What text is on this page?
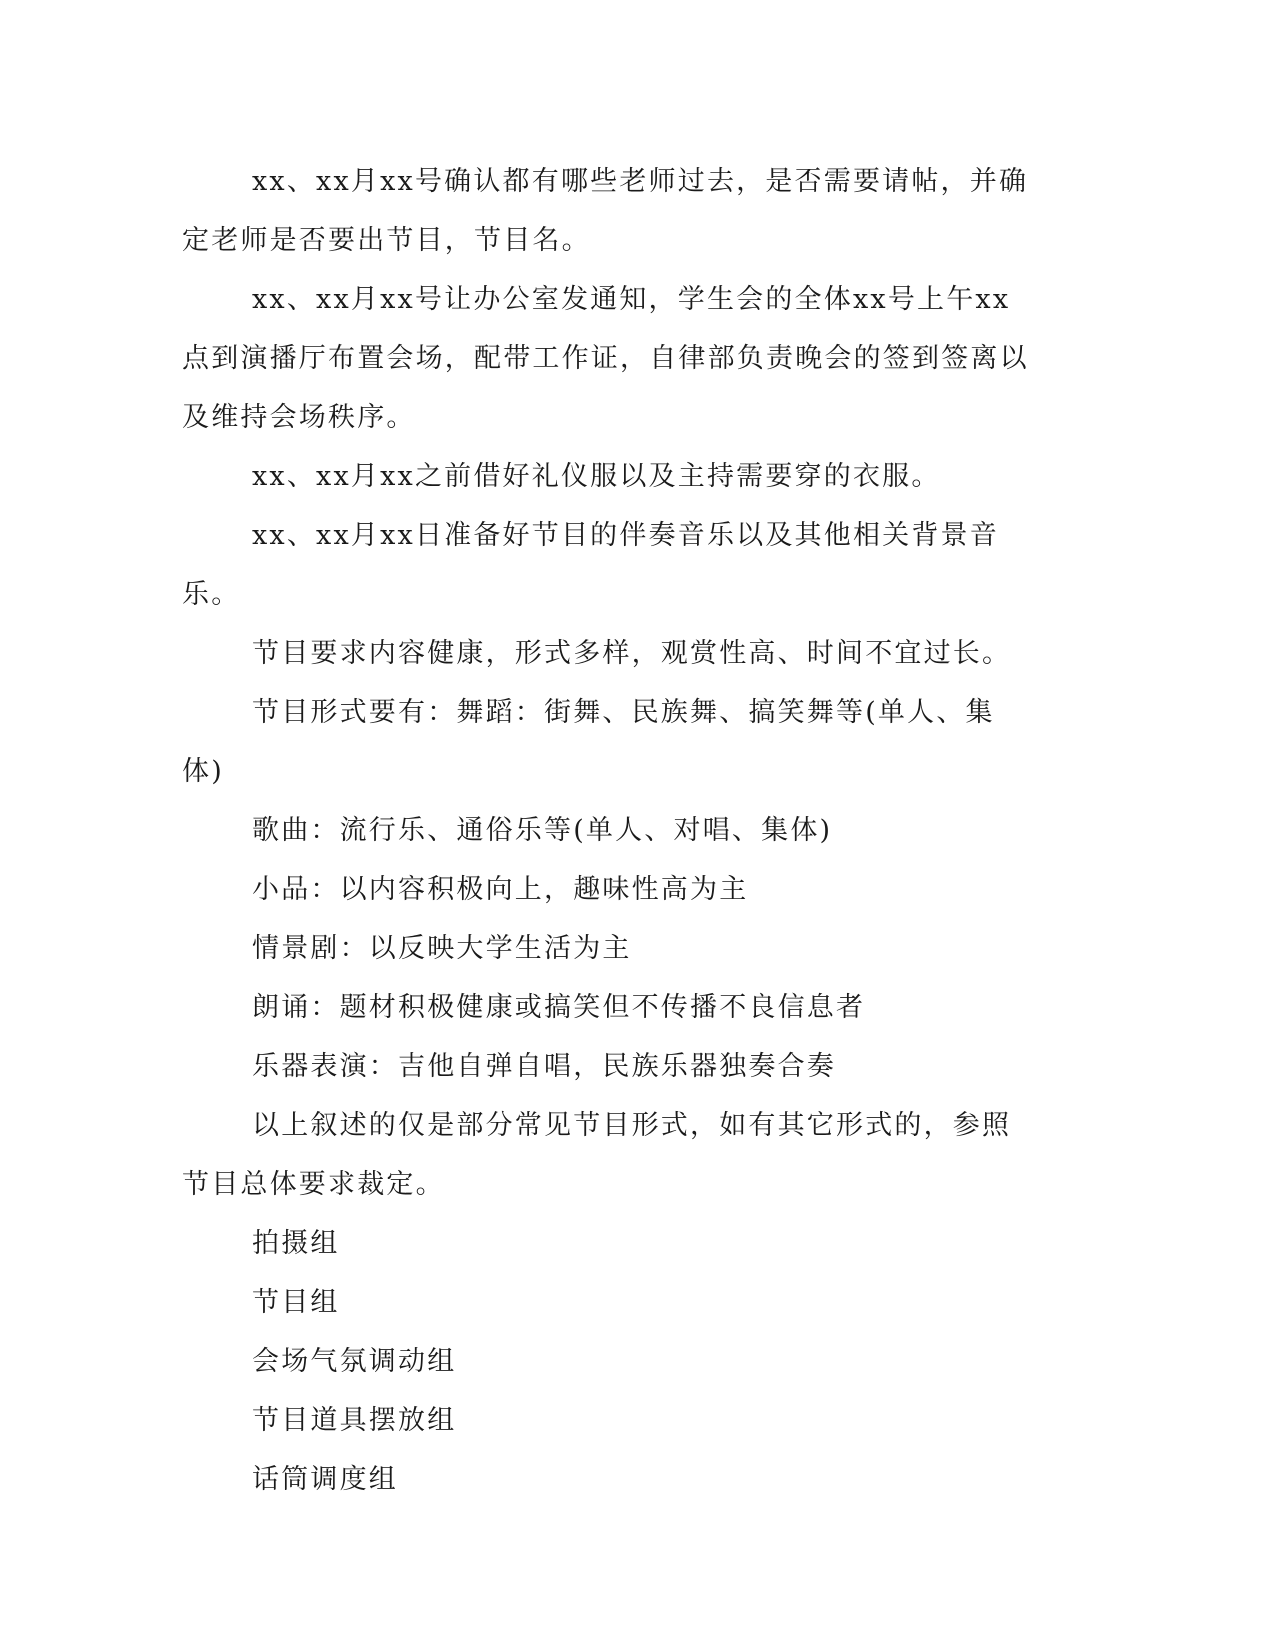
xx、xx月xx号确认都有哪些老师过去，是否需要请帖，并确定老师是否要出节目，节目名。

xx、xx月xx号让办公室发通知，学生会的全体xx号上午xx点到演播厅布置会场，配带工作证，自律部负责晚会的签到签离以及维持会场秩序。

xx、xx月xx之前借好礼仪服以及主持需要穿的衣服。

xx、xx月xx日准备好节目的伴奏音乐以及其他相关背景音乐。

节目要求内容健康，形式多样，观赏性高、时间不宜过长。

节目形式要有：舞蹈：街舞、民族舞、搞笑舞等(单人、集体)

歌曲：流行乐、通俗乐等(单人、对唱、集体)

小品：以内容积极向上，趣味性高为主

情景剧：以反映大学生活为主

朗诵：题材积极健康或搞笑但不传播不良信息者

乐器表演：吉他自弹自唱，民族乐器独奏合奏

以上叙述的仅是部分常见节目形式，如有其它形式的，参照节目总体要求裁定。

拍摄组

节目组

会场气氛调动组

节目道具摆放组

话筒调度组
